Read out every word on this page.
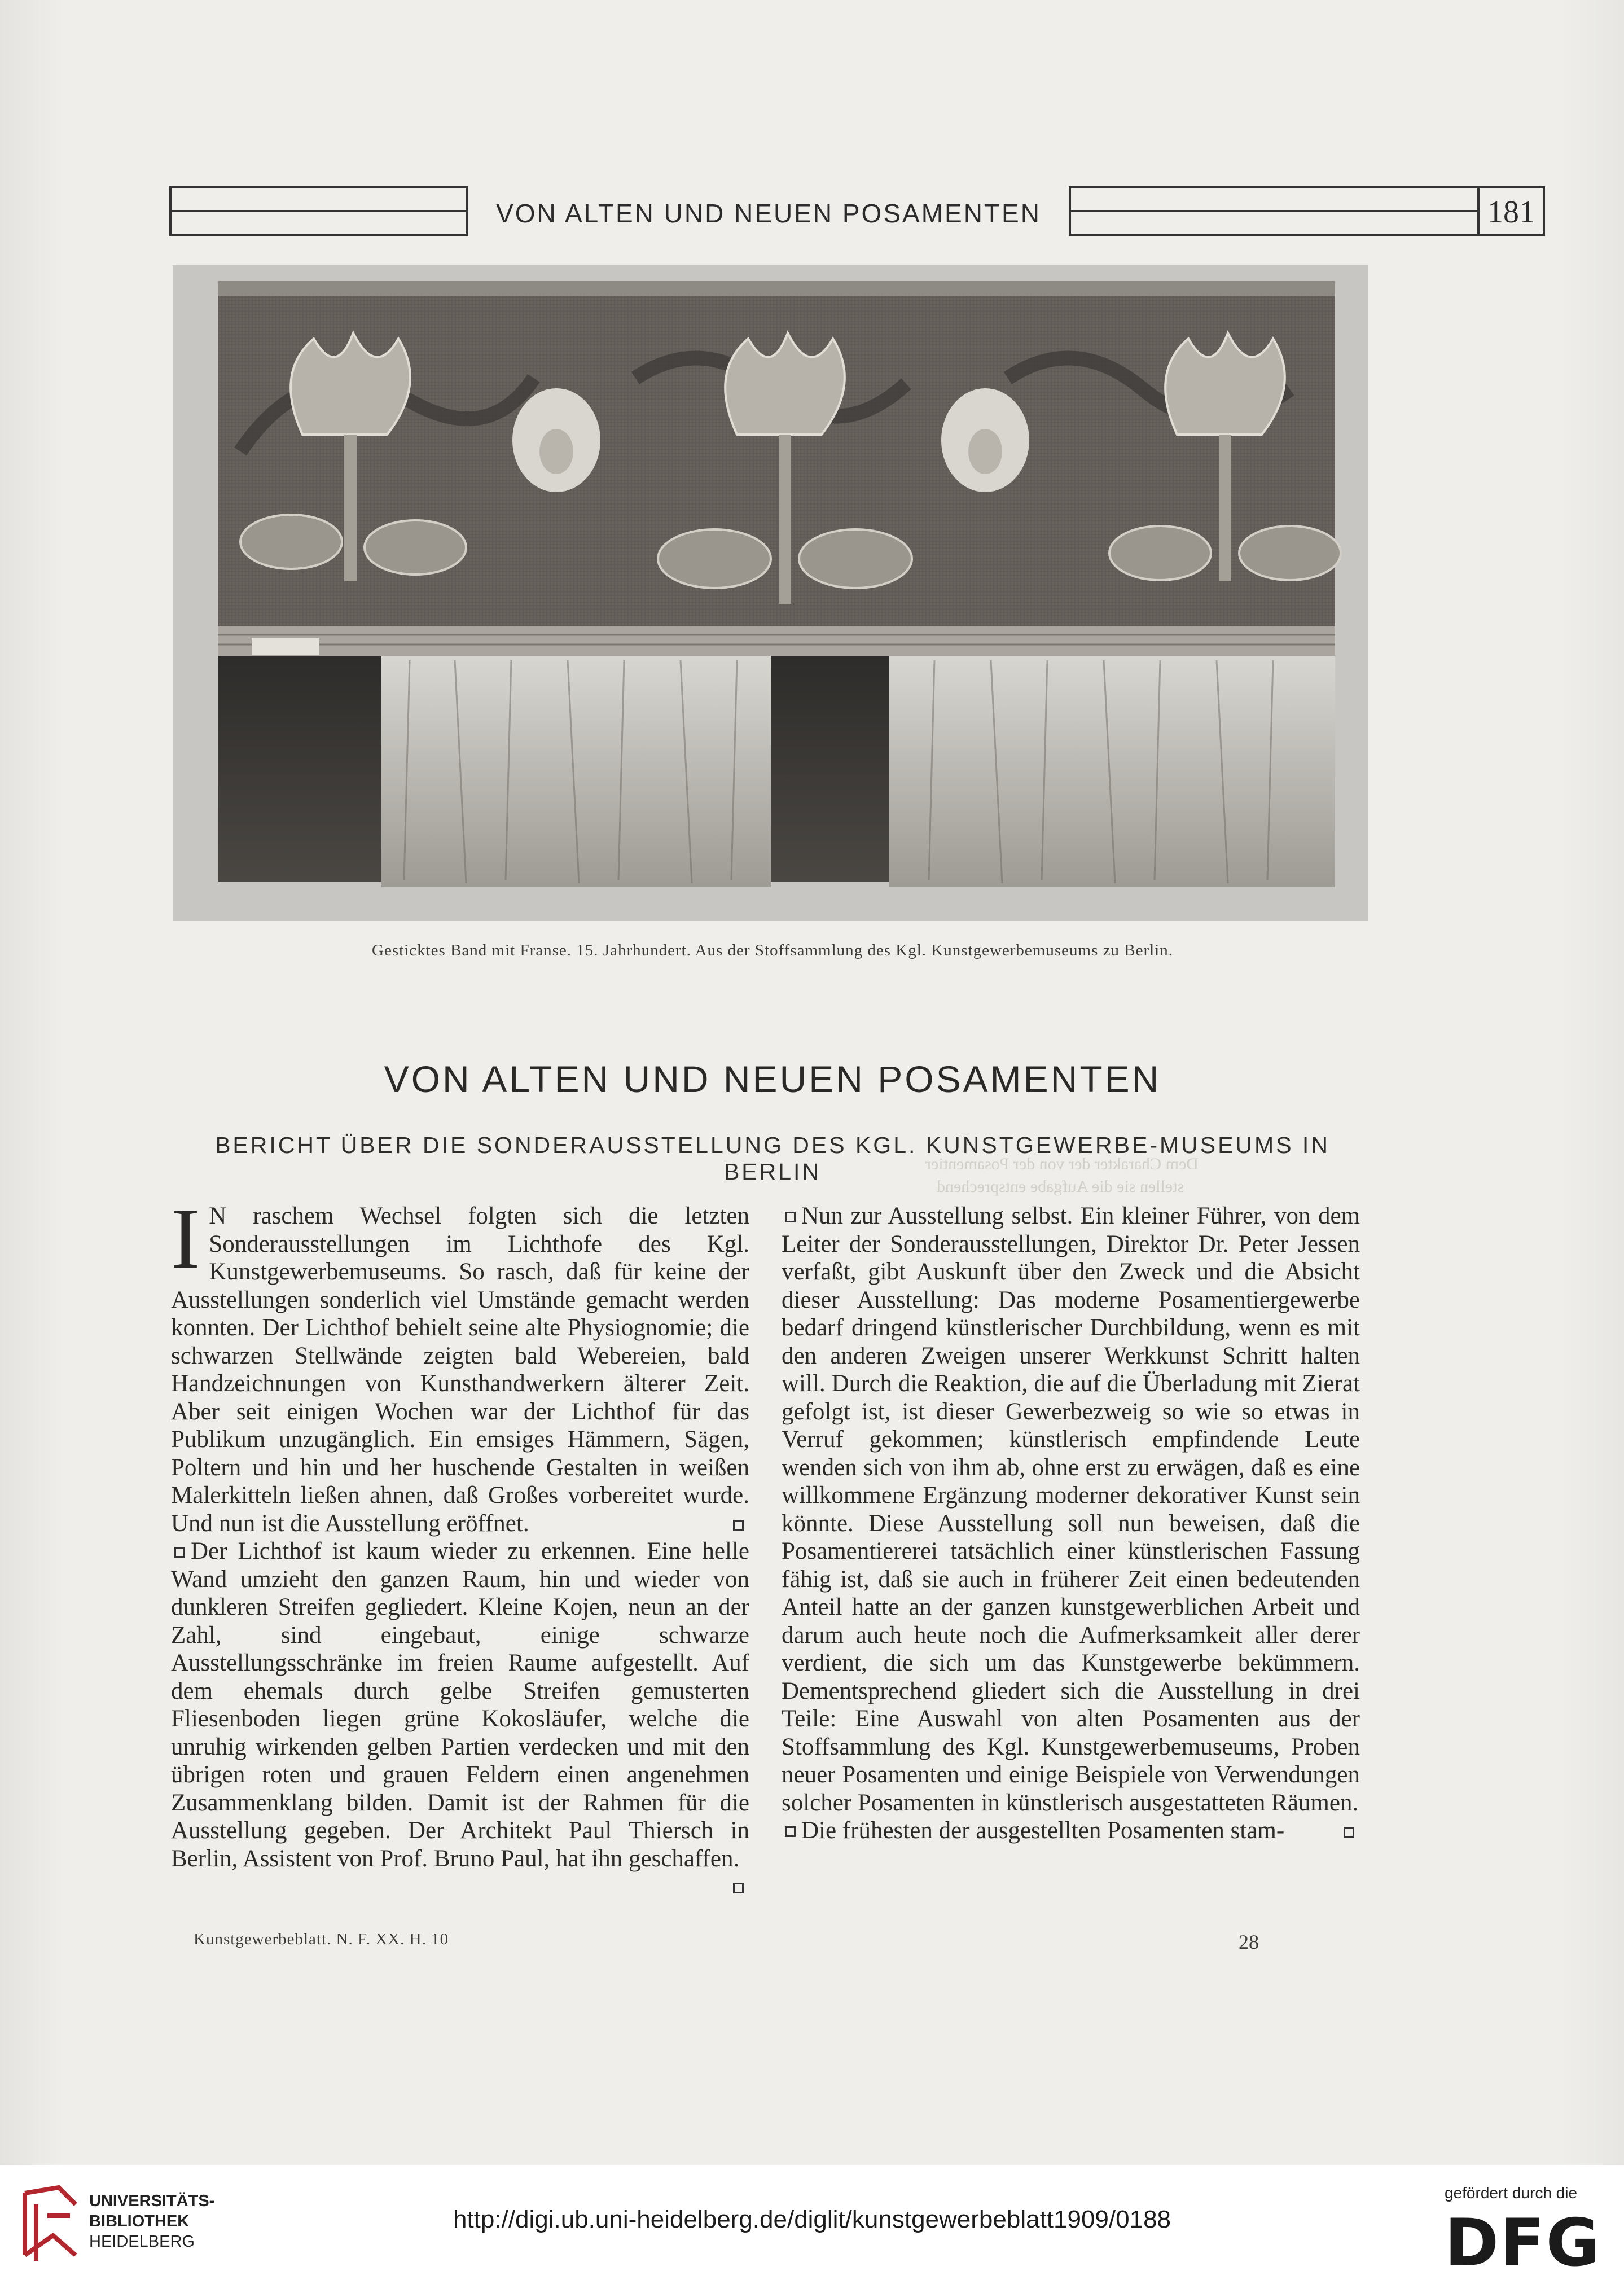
VON ALTEN UND NEUEN POSAMENTEN	181
Gesticktes Band mit Franse. 15. Jahrhundert. Aus der Stoffsammlung des Kgl. Kunstgewerbemuseums zu Berlin.
VON ALTEN UND NEUEN POSAMENTEN
BERICHT ÜBER DIE SONDERAUSSTELLUNG DES KGL. KUNSTGEWERBE-MUSEUMS IN BERLIN	Dem Charakter der von der Posamentier
stellen sie die Aufgabe entsprechend

I N raschem Wechsel folgten sich die letzten Sonderausstellungen im Lichthofe des Kgl. Kunstgewerbemuseums. So rasch, daß für keine der Ausstellungen sonderlich viel Umstände gemacht werden konnten. Der Lichthof behielt seine alte Physiognomie; die schwarzen Stellwände zeigten bald Webereien, bald Handzeichnungen von Kunsthandwerkern älterer Zeit. Aber seit einigen Wochen war der Lichthof für das Publikum unzugänglich. Ein emsiges Hämmern, Sägen, Poltern und hin und her huschende Gestalten in weißen Malerkitteln ließen ahnen, daß Großes vorbereitet wurde. Und nun ist die Ausstellung eröffnet.

Der Lichthof ist kaum wieder zu erkennen. Eine helle Wand umzieht den ganzen Raum, hin und wieder von dunkleren Streifen gegliedert. Kleine Kojen, neun an der Zahl, sind eingebaut, einige schwarze Ausstellungsschränke im freien Raume aufgestellt. Auf dem ehemals durch gelbe Streifen gemusterten Fliesenboden liegen grüne Kokosläufer, welche die unruhig wirkenden gelben Partien verdecken und mit den übrigen roten und grauen Feldern einen angenehmen Zusammenklang bilden. Damit ist der Rahmen für die Ausstellung gegeben. Der Architekt Paul Thiersch in Berlin, Assistent von Prof. Bruno Paul, hat ihn geschaffen.

Nun zur Ausstellung selbst. Ein kleiner Führer, von dem Leiter der Sonderausstellungen, Direktor Dr. Peter Jessen verfaßt, gibt Auskunft über den Zweck und die Absicht dieser Ausstellung: Das moderne Posamentiergewerbe bedarf dringend künstlerischer Durchbildung, wenn es mit den anderen Zweigen unserer Werkkunst Schritt halten will. Durch die Reaktion, die auf die Überladung mit Zierat gefolgt ist, ist dieser Gewerbezweig so wie so etwas in Verruf gekommen; künstlerisch empfindende Leute wenden sich von ihm ab, ohne erst zu erwägen, daß es eine willkommene Ergänzung moderner dekorativer Kunst sein könnte. Diese Ausstellung soll nun beweisen, daß die Posamentiererei tatsächlich einer künstlerischen Fassung fähig ist, daß sie auch in früherer Zeit einen bedeutenden Anteil hatte an der ganzen kunstgewerblichen Arbeit und darum auch heute noch die Aufmerksamkeit aller derer verdient, die sich um das Kunstgewerbe bekümmern. Dementsprechend gliedert sich die Ausstellung in drei Teile: Eine Auswahl von alten Posamenten aus der Stoffsammlung des Kgl. Kunstgewerbemuseums, Proben neuer Posamenten und einige Beispiele von Verwendungen solcher Posamenten in künstlerisch ausgestatteten Räumen.

Die frühesten der ausgestellten Posamenten stam-

Kunstgewerbeblatt. N. F. XX. H. 10	28
UNIVERSITÄTS-
BIBLIOTHEK
HEIDELBERG
http://digi.ub.uni-heidelberg.de/diglit/kunstgewerbeblatt1909/0188
gefördert durch die
DFG
